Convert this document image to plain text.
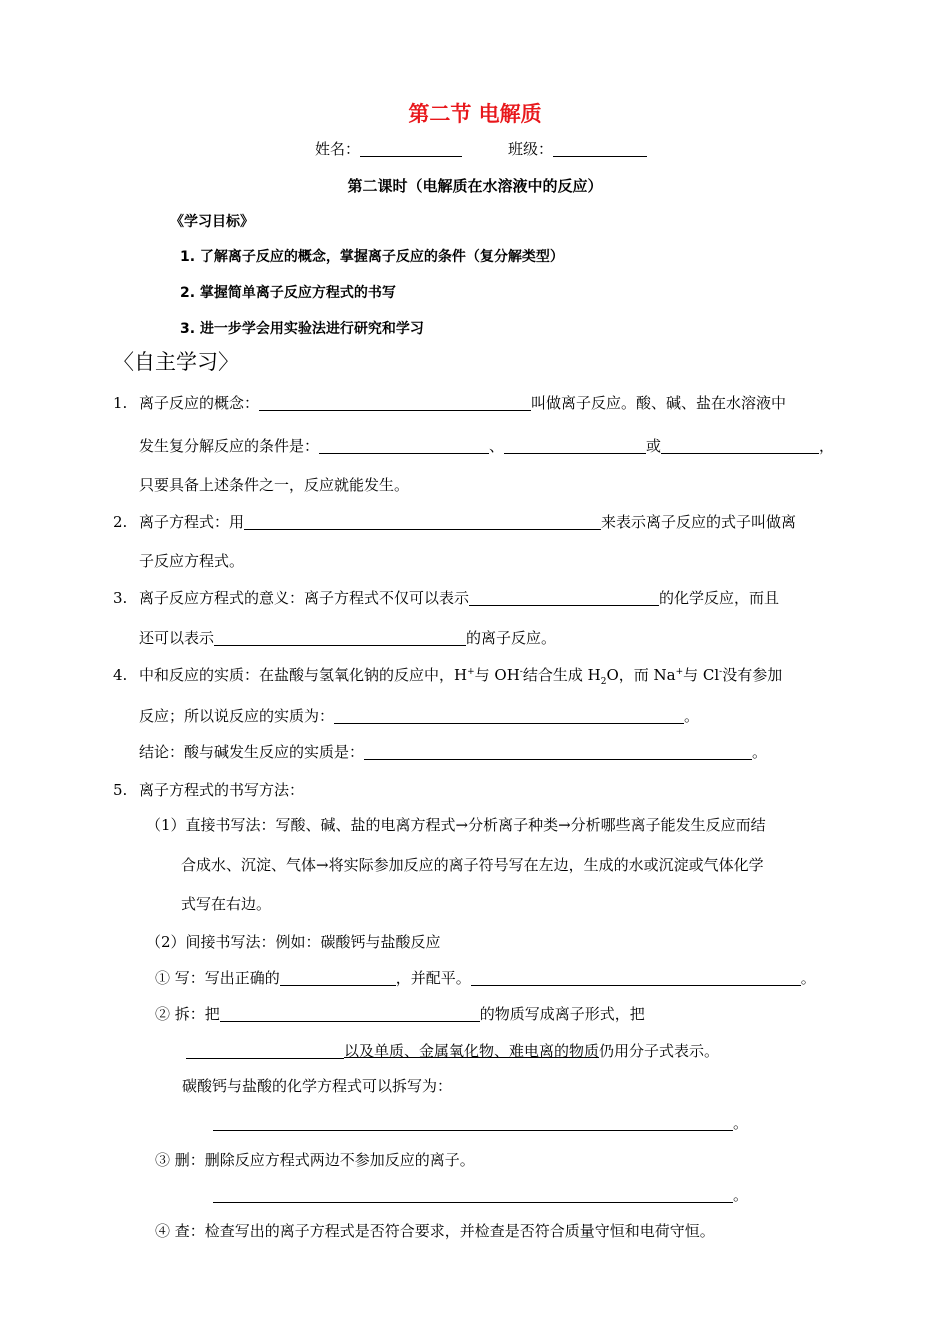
第二节 电解质
姓名：	班级：
第二课时（电解质在水溶液中的反应）
《学习目标》
1. 了解离子反应的概念，掌握离子反应的条件（复分解类型）
2. 掌握简单离子反应方程式的书写
3. 进一步学会用实验法进行研究和学习
〈自主学习〉
1. 离子反应的概念：	叫做离子反应。酸、碱、盐在水溶液中
发生复分解反应的条件是：	、	或	，
只要具备上述条件之一，反应就能发生。
2. 离子方程式：用	来表示离子反应的式子叫做离
子反应方程式。
3. 离子反应方程式的意义：离子方程式不仅可以表示	的化学反应，而且
还可以表示	的离子反应。
4. 中和反应的实质：在盐酸与氢氧化钠的反应中，H+与 OH-结合生成 $H_2O$，而 Na+与 Cl-没有参加
反应；所以说反应的实质为：	。
结论：酸与碱发生反应的实质是：	。
5. 离子方程式的书写方法：
（1）直接书写法：写酸、碱、盐的电离方程式→分析离子种类→分析哪些离子能发生反应而结
合成水、沉淀、气体→将实际参加反应的离子符号写在左边，生成的水或沉淀或气体化学
式写在右边。
（2）间接书写法：例如：碳酸钙与盐酸反应
① 写：写出正确的	，并配平。	。
② 拆：把	的物质写成离子形式，把
以及单质、金属氧化物、难电离的物质仍用分子式表示。
碳酸钙与盐酸的化学方程式可以拆写为：
。
③ 删：删除反应方程式两边不参加反应的离子。
。
④ 查：检查写出的离子方程式是否符合要求，并检查是否符合质量守恒和电荷守恒。
